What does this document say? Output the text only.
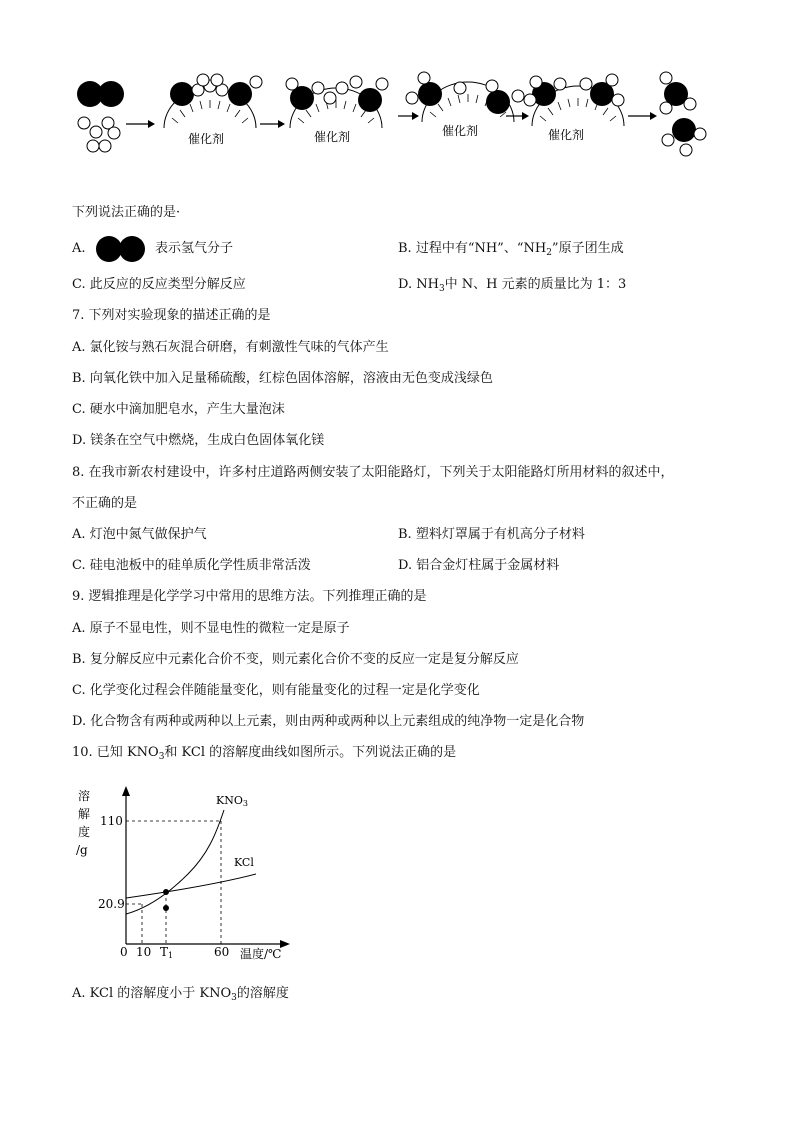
催化剂	催化剂	催化剂	催化剂
下列说法正确的是·
A.	表示氢气分子	B. 过程中有“NH”、“$NH_2$”原子团生成
C. 此反应的反应类型分解反应	D. $NH_3$中 N、H 元素的质量比为 1：3
7. 下列对实验现象的描述正确的是
A. 氯化铵与熟石灰混合研磨，有刺激性气味的气体产生
B. 向氧化铁中加入足量稀硫酸，红棕色固体溶解，溶液由无色变成浅绿色
C. 硬水中滴加肥皂水，产生大量泡沫
D. 镁条在空气中燃烧，生成白色固体氧化镁
8. 在我市新农村建设中，许多村庄道路两侧安装了太阳能路灯，下列关于太阳能路灯所用材料的叙述中，
不正确的是
A. 灯泡中氮气做保护气	B. 塑料灯罩属于有机高分子材料
C. 硅电池板中的硅单质化学性质非常活泼	D. 铝合金灯柱属于金属材料
9. 逻辑推理是化学学习中常用的思维方法。下列推理正确的是
A. 原子不显电性，则不显电性的微粒一定是原子
B. 复分解反应中元素化合价不变，则元素化合价不变的反应一定是复分解反应
C. 化学变化过程会伴随能量变化，则有能量变化的过程一定是化学变化
D. 化合物含有两种或两种以上元素，则由两种或两种以上元素组成的纯净物一定是化合物
10. 已知 $KNO_3$和 KCl 的溶解度曲线如图所示。下列说法正确的是
溶
解
度
/g
110
20.9
0 10 T1	60 温度/℃
KNO3
KCl
A. KCl 的溶解度小于 $KNO_3$的溶解度
